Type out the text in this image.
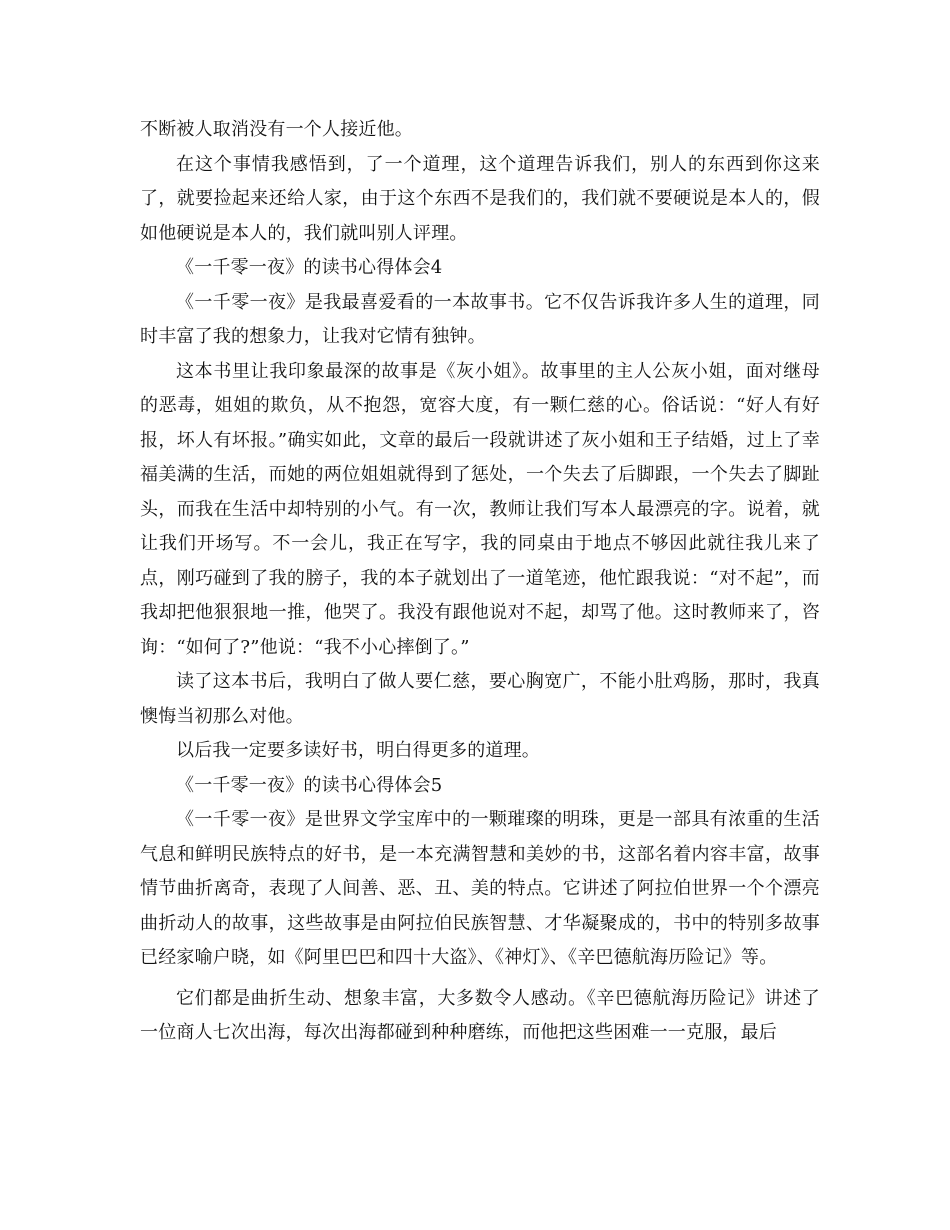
不断被人取消没有一个人接近他。

在这个事情我感悟到，了一个道理，这个道理告诉我们，别人的东西到你这来了，就要捡起来还给人家，由于这个东西不是我们的，我们就不要硬说是本人的，假如他硬说是本人的，我们就叫别人评理。

《一千零一夜》的读书心得体会4

《一千零一夜》是我最喜爱看的一本故事书。它不仅告诉我许多人生的道理，同时丰富了我的想象力，让我对它情有独钟。

这本书里让我印象最深的故事是《灰小姐》。故事里的主人公灰小姐，面对继母的恶毒，姐姐的欺负，从不抱怨，宽容大度，有一颗仁慈的心。俗话说：“好人有好报，坏人有坏报。”确实如此，文章的最后一段就讲述了灰小姐和王子结婚，过上了幸福美满的生活，而她的两位姐姐就得到了惩处，一个失去了后脚跟，一个失去了脚趾头，而我在生活中却特别的小气。有一次，教师让我们写本人最漂亮的字。说着，就让我们开场写。不一会儿，我正在写字，我的同桌由于地点不够因此就往我儿来了点，刚巧碰到了我的膀子，我的本子就划出了一道笔迹，他忙跟我说：“对不起”，而我却把他狠狠地一推，他哭了。我没有跟他说对不起，却骂了他。这时教师来了，咨询：“如何了?”他说：“我不小心摔倒了。”

读了这本书后，我明白了做人要仁慈，要心胸宽广，不能小肚鸡肠，那时，我真懊悔当初那么对他。

以后我一定要多读好书，明白得更多的道理。

《一千零一夜》的读书心得体会5

《一千零一夜》是世界文学宝库中的一颗璀璨的明珠，更是一部具有浓重的生活气息和鲜明民族特点的好书，是一本充满智慧和美妙的书，这部名着内容丰富，故事情节曲折离奇，表现了人间善、恶、丑、美的特点。它讲述了阿拉伯世界一个个漂亮曲折动人的故事，这些故事是由阿拉伯民族智慧、才华凝聚成的，书中的特别多故事已经家喻户晓，如《阿里巴巴和四十大盗》、《神灯》、《辛巴德航海历险记》等。

它们都是曲折生动、想象丰富，大多数令人感动。《辛巴德航海历险记》讲述了一位商人七次出海，每次出海都碰到种种磨练，而他把这些困难一一克服，最后
